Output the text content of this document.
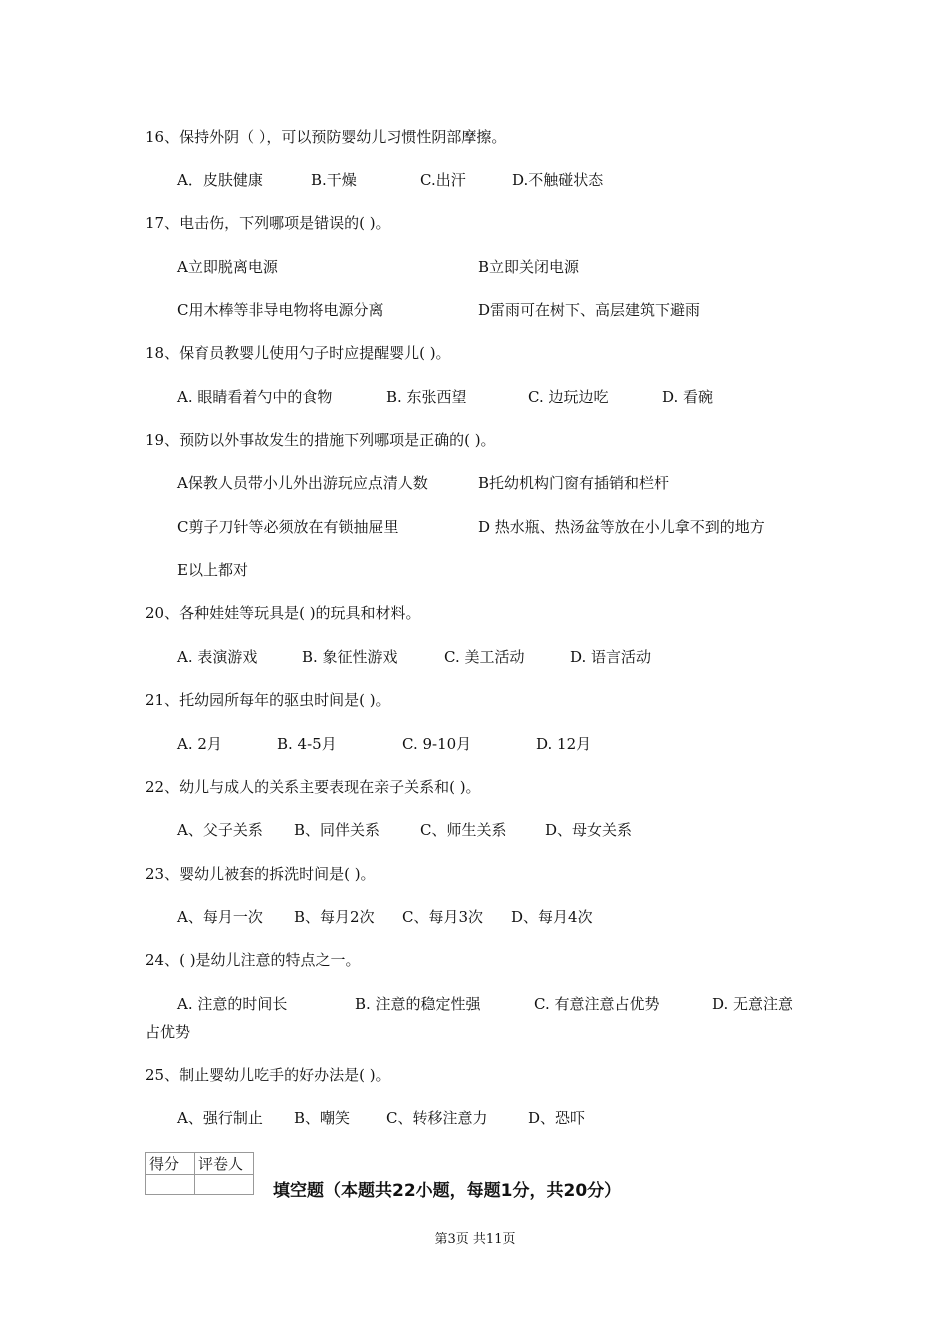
16、保持外阴（ ），可以预防婴幼儿习惯性阴部摩擦。
A．皮肤健康	B.干燥	C.出汗	D.不触碰状态
17、电击伤，下列哪项是错误的( )。
A立即脱离电源	B立即关闭电源
C用木棒等非导电物将电源分离	D雷雨可在树下、高层建筑下避雨
18、保育员教婴儿使用勺子时应提醒婴儿( )。
A. 眼睛看着勺中的食物	B. 东张西望	C. 边玩边吃	D. 看碗
19、预防以外事故发生的措施下列哪项是正确的( )。
A保教人员带小儿外出游玩应点清人数	B托幼机构门窗有插销和栏杆
C剪子刀针等必须放在有锁抽屉里	D 热水瓶、热汤盆等放在小儿拿不到的地方
E以上都对
20、各种娃娃等玩具是( )的玩具和材料。
A. 表演游戏	B. 象征性游戏	C. 美工活动	D. 语言活动
21、托幼园所每年的驱虫时间是( )。
A. 2月	B. 4-5月	C. 9-10月	D. 12月
22、幼儿与成人的关系主要表现在亲子关系和( )。
A、父子关系 B、同伴关系	C、师生关系	D、母女关系
23、婴幼儿被套的拆洗时间是( )。
A、每月一次 B、每月2次 C、每月3次 D、每月4次
24、( )是幼儿注意的特点之一。
A. 注意的时间长	B. 注意的稳定性强	C. 有意注意占优势	D. 无意注意
占优势
25、制止婴幼儿吃手的好办法是( )。
A、强行制止 B、嘲笑 C、转移注意力	D、恐吓
得分	评卷人

填空题（本题共22小题，每题1分，共20分）
第3页 共11页
